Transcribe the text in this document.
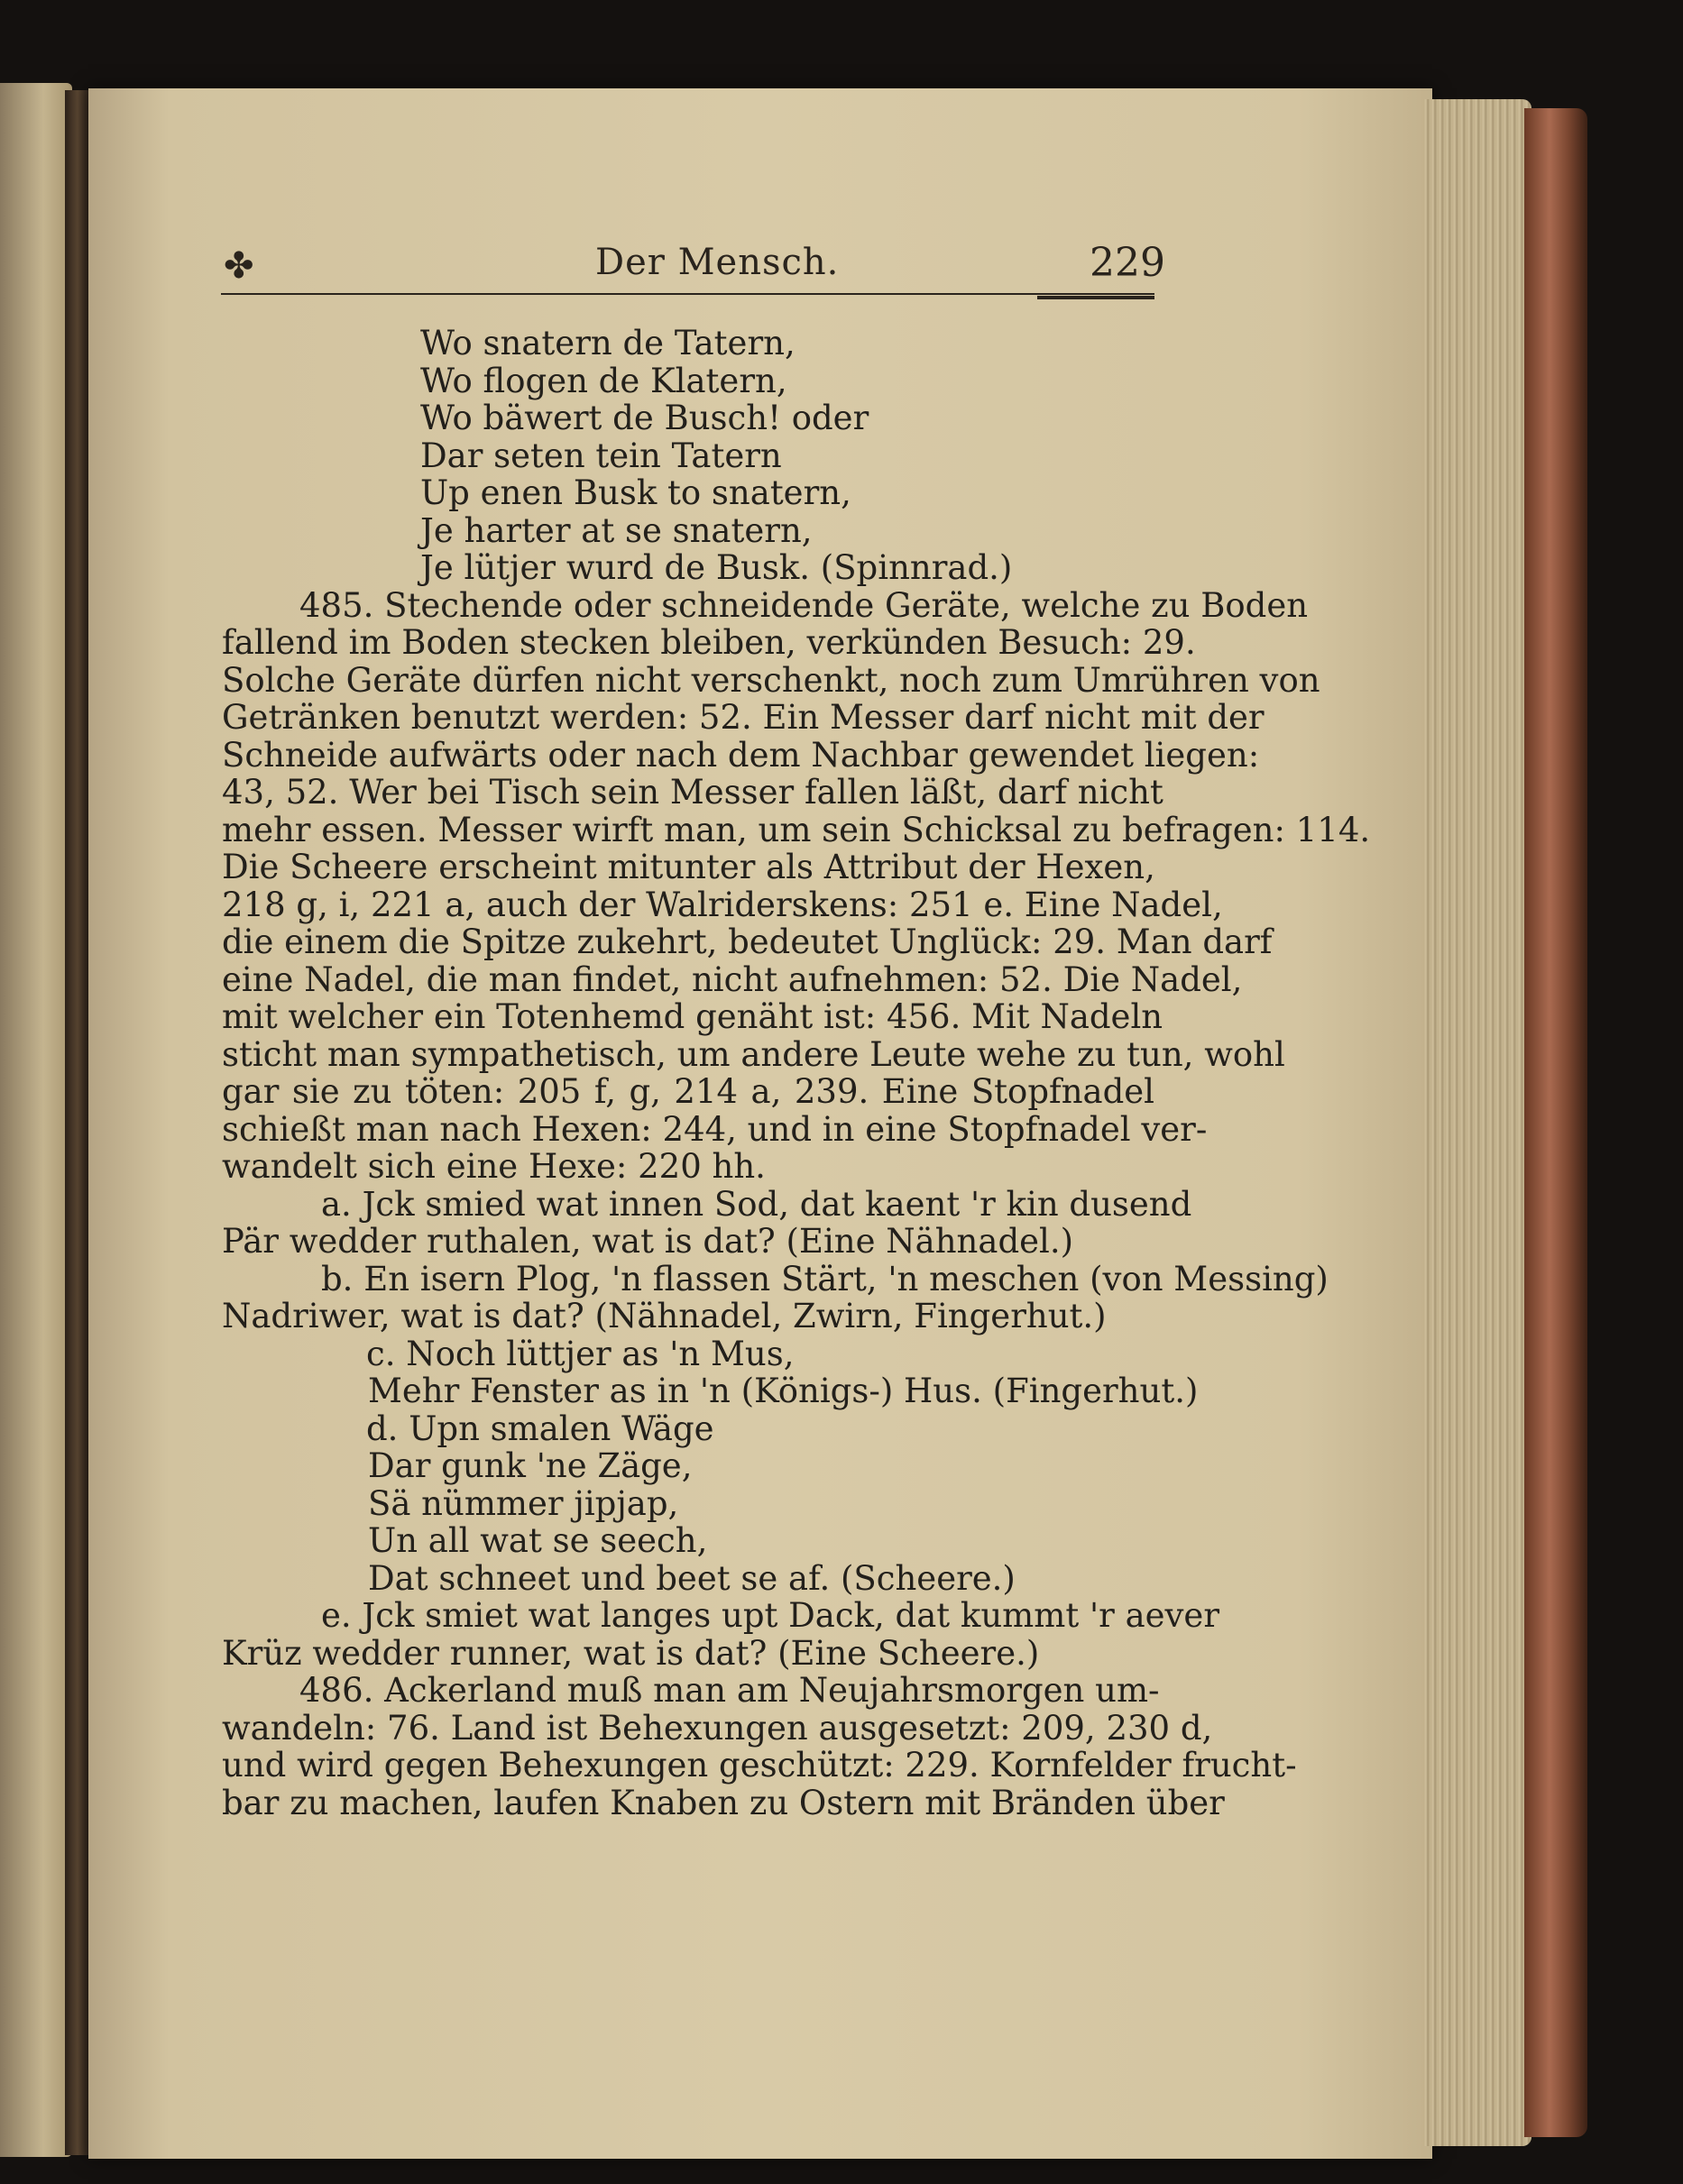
✤	Der Mensch.	229
Wo snatern de Tatern,
Wo flogen de Klatern,
Wo bäwert de Busch! oder
Dar seten tein Tatern
Up enen Busk to snatern,
Je harter at se snatern,
Je lütjer wurd de Busk. (Spinnrad.)
485. Stechende oder schneidende Geräte, welche zu Boden
fallend im Boden stecken bleiben, verkünden Besuch: 29.
Solche Geräte dürfen nicht verschenkt, noch zum Umrühren von
Getränken benutzt werden: 52. Ein Messer darf nicht mit der
Schneide aufwärts oder nach dem Nachbar gewendet liegen:
43, 52. Wer bei Tisch sein Messer fallen läßt, darf nicht
mehr essen. Messer wirft man, um sein Schicksal zu befragen: 114.
Die Scheere erscheint mitunter als Attribut der Hexen,
218 g, i, 221 a, auch der Walriderskens: 251 e. Eine Nadel,
die einem die Spitze zukehrt, bedeutet Unglück: 29. Man darf
eine Nadel, die man findet, nicht aufnehmen: 52. Die Nadel,
mit welcher ein Totenhemd genäht ist: 456. Mit Nadeln
sticht man sympathetisch, um andere Leute wehe zu tun, wohl
gar sie zu töten: 205 f, g, 214 a, 239. Eine Stopfnadel
schießt man nach Hexen: 244, und in eine Stopfnadel ver-
wandelt sich eine Hexe: 220 hh.
a. Jck smied wat innen Sod, dat kaent 'r kin dusend
Pär wedder ruthalen, wat is dat? (Eine Nähnadel.)
b. En isern Plog, 'n flassen Stärt, 'n meschen (von Messing)
Nadriwer, wat is dat? (Nähnadel, Zwirn, Fingerhut.)
c. Noch lüttjer as 'n Mus,
Mehr Fenster as in 'n (Königs-) Hus. (Fingerhut.)
d. Upn smalen Wäge
Dar gunk 'ne Zäge,
Sä nümmer jipjap,
Un all wat se seech,
Dat schneet und beet se af. (Scheere.)
e. Jck smiet wat langes upt Dack, dat kummt 'r aever
Krüz wedder runner, wat is dat? (Eine Scheere.)
486. Ackerland muß man am Neujahrsmorgen um-
wandeln: 76. Land ist Behexungen ausgesetzt: 209, 230 d,
und wird gegen Behexungen geschützt: 229. Kornfelder frucht-
bar zu machen, laufen Knaben zu Ostern mit Bränden über
